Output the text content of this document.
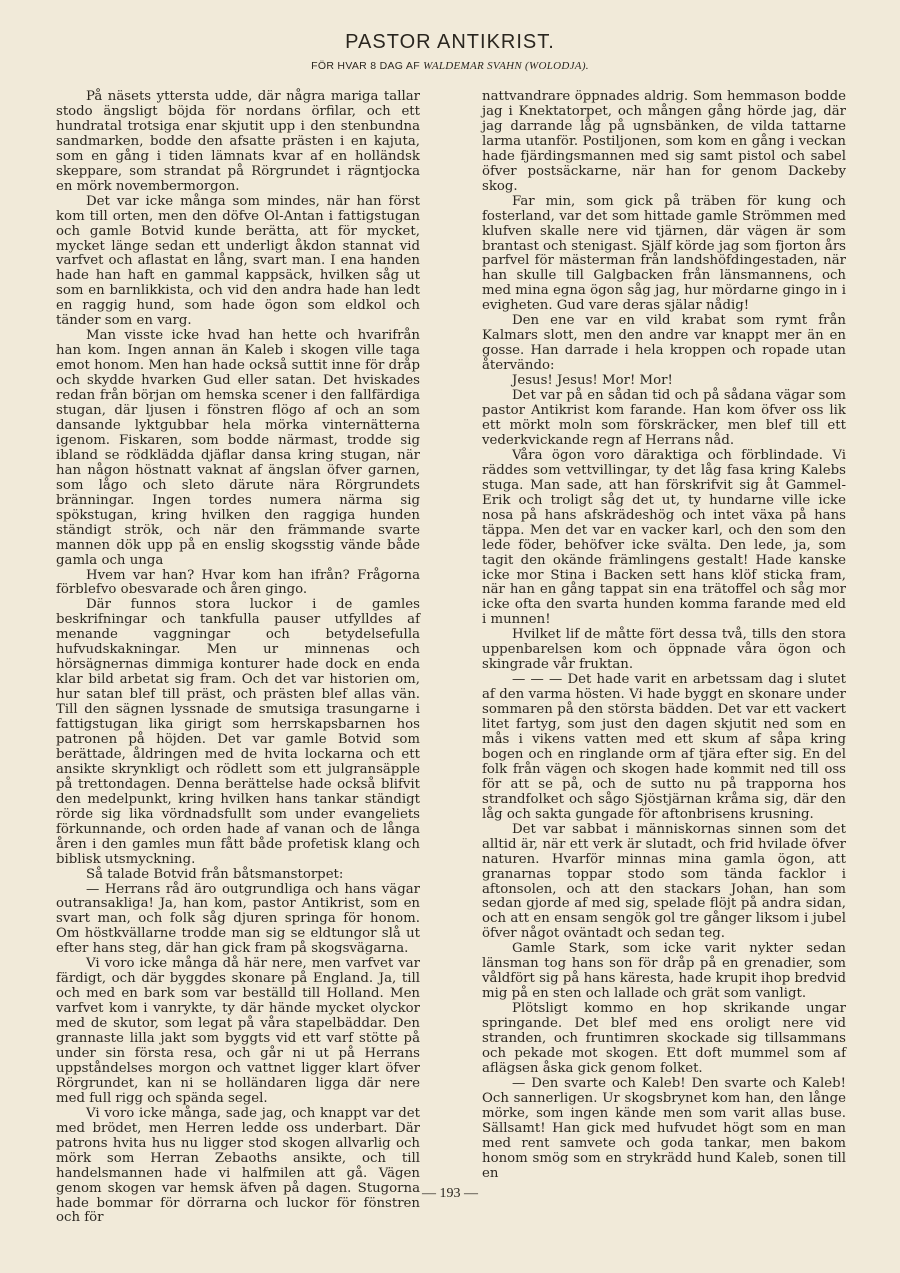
PASTOR ANTIKRIST.
FÖR HVAR 8 DAG AF WALDEMAR SVAHN (WOLODJA).

På näsets yttersta udde, där några mariga tallar stodo ängsligt böjda för nordans örfilar, och ett hundratal trotsiga enar skjutit upp i den stenbundna sandmarken, bodde den afsatte prästen i en kajuta, som en gång i tiden lämnats kvar af en holländsk skeppare, som strandat på Rörgrundet i rägntjocka en mörk novembermorgon.

Det var icke många som mindes, när han först kom till orten, men den döfve Ol-Antan i fattigstugan och gamle Botvid kunde berätta, att för mycket, mycket länge sedan ett underligt åkdon stannat vid varfvet och aflastat en lång, svart man. I ena handen hade han haft en gammal kappsäck, hvilken såg ut som en barnlikkista, och vid den andra hade han ledt en raggig hund, som hade ögon som eldkol och tänder som en varg.

Man visste icke hvad han hette och hvarifrån han kom. Ingen annan än Kaleb i skogen ville taga emot honom. Men han hade också suttit inne för dråp och skydde hvarken Gud eller satan. Det hviskades redan från början om hemska scener i den fallfärdiga stugan, där ljusen i fönstren flögo af och an som dansande lyktgubbar hela mörka vinternätterna igenom. Fiskaren, som bodde närmast, trodde sig ibland se rödklädda djäflar dansa kring stugan, när han någon höstnatt vaknat af ängslan öfver garnen, som lågo och sleto därute nära Rörgrundets bränningar. Ingen tordes numera närma sig spökstugan, kring hvilken den raggiga hunden ständigt strök, och när den främmande svarte mannen dök upp på en enslig skogsstig vände både gamla och unga

Hvem var han? Hvar kom han ifrån? Frågorna förblefvo obesvarade och åren gingo.

Där funnos stora luckor i de gamles beskrifningar och tankfulla pauser utfylldes af menande vaggningar och betydelsefulla hufvudskakningar. Men ur minnenas och hörsägnernas dimmiga konturer hade dock en enda klar bild arbetat sig fram. Och det var historien om, hur satan blef till präst, och prästen blef allas vän. Till den sägnen lyssnade de smutsiga trasungarne i fattigstugan lika girigt som herrskapsbarnen hos patronen på höjden. Det var gamle Botvid som berättade, åldringen med de hvita lockarna och ett ansikte skrynkligt och rödlett som ett julgransäpple på trettondagen. Denna berättelse hade också blifvit den medelpunkt, kring hvilken hans tankar ständigt rörde sig lika vördnadsfullt som under evangeliets förkunnande, och orden hade af vanan och de långa åren i den gamles mun fått både profetisk klang och biblisk utsmyckning.

Så talade Botvid från båtsmanstorpet:

— Herrans råd äro outgrundliga och hans vägar outransakliga! Ja, han kom, pastor Antikrist, som en svart man, och folk såg djuren springa för honom. Om höstkvällarne trodde man sig se eldtungor slå ut efter hans steg, där han gick fram på skogsvägarna.

Vi voro icke många då här nere, men varfvet var färdigt, och där byggdes skonare på England. Ja, till och med en bark som var beställd till Holland. Men varfvet kom i vanrykte, ty där hände mycket olyckor med de skutor, som legat på våra stapelbäddar. Den grannaste lilla jakt som byggts vid ett varf stötte på under sin första resa, och går ni ut på Herrans uppståndelses morgon och vattnet ligger klart öfver Rörgrundet, kan ni se holländaren ligga där nere med full rigg och spända segel.

Vi voro icke många, sade jag, och knappt var det med brödet, men Herren ledde oss underbart. Där patrons hvita hus nu ligger stod skogen allvarlig och mörk som Herran Zebaoths ansikte, och till handelsmannen hade vi halfmilen att gå. Vägen genom skogen var hemsk äfven på dagen. Stugorna hade bommar för dörrarna och luckor för fönstren och för

nattvandrare öppnades aldrig. Som hemmason bodde jag i Knektatorpet, och mången gång hörde jag, där jag darrande låg på ugnsbänken, de vilda tattarne larma utanför. Postiljonen, som kom en gång i veckan hade fjärdingsmannen med sig samt pistol och sabel öfver postsäckarne, när han for genom Dackeby skog.

Far min, som gick på träben för kung och fosterland, var det som hittade gamle Strömmen med klufven skalle nere vid tjärnen, där vägen är som brantast och stenigast. Själf körde jag som fjorton års parfvel för mästerman från landshöfdingestaden, när han skulle till Galgbacken från länsmannens, och med mina egna ögon såg jag, hur mördarne gingo in i evigheten. Gud vare deras själar nådig!

Den ene var en vild krabat som rymt från Kalmars slott, men den andre var knappt mer än en gosse. Han darrade i hela kroppen och ropade utan återvändo:

Jesus! Jesus! Mor! Mor!

Det var på en sådan tid och på sådana vägar som pastor Antikrist kom farande. Han kom öfver oss lik ett mörkt moln som förskräcker, men blef till ett vederkvickande regn af Herrans nåd.

Våra ögon voro däraktiga och förblindade. Vi räddes som vettvillingar, ty det låg fasa kring Kalebs stuga. Man sade, att han förskrifvit sig åt Gammel-Erik och troligt såg det ut, ty hundarne ville icke nosa på hans afskrädeshög och intet växa på hans täppa. Men det var en vacker karl, och den som den lede föder, behöfver icke svälta. Den lede, ja, som tagit den okände främlingens gestalt! Hade kanske icke mor Stina i Backen sett hans klöf sticka fram, när han en gång tappat sin ena trätoffel och såg mor icke ofta den svarta hunden komma farande med eld i munnen!

Hvilket lif de måtte fört dessa två, tills den stora uppenbarelsen kom och öppnade våra ögon och skingrade vår fruktan.

— — — Det hade varit en arbetssam dag i slutet af den varma hösten. Vi hade byggt en skonare under sommaren på den största bädden. Det var ett vackert litet fartyg, som just den dagen skjutit ned som en mås i vikens vatten med ett skum af såpa kring bogen och en ringlande orm af tjära efter sig. En del folk från vägen och skogen hade kommit ned till oss för att se på, och de sutto nu på trapporna hos strandfolket och sågo Sjöstjärnan kråma sig, där den låg och sakta gungade för aftonbrisens krusning.

Det var sabbat i människornas sinnen som det alltid är, när ett verk är slutadt, och frid hvilade öfver naturen. Hvarför minnas mina gamla ögon, att granarnas toppar stodo som tända facklor i aftonsolen, och att den stackars Johan, han som sedan gjorde af med sig, spelade flöjt på andra sidan, och att en ensam sengök gol tre gånger liksom i jubel öfver något oväntadt och sedan teg.

Gamle Stark, som icke varit nykter sedan länsman tog hans son för dråp på en grenadier, som våldfört sig på hans käresta, hade krupit ihop bredvid mig på en sten och lallade och grät som vanligt.

Plötsligt kommo en hop skrikande ungar springande. Det blef med ens oroligt nere vid stranden, och fruntimren skockade sig tillsammans och pekade mot skogen. Ett doft mummel som af aflägsen åska gick genom folket.

— Den svarte och Kaleb! Den svarte och Kaleb! Och sannerligen. Ur skogsbrynet kom han, den långe mörke, som ingen kände men som varit allas buse. Sällsamt! Han gick med hufvudet högt som en man med rent samvete och goda tankar, men bakom honom smög som en strykrädd hund Kaleb, sonen till en

— 193 —
